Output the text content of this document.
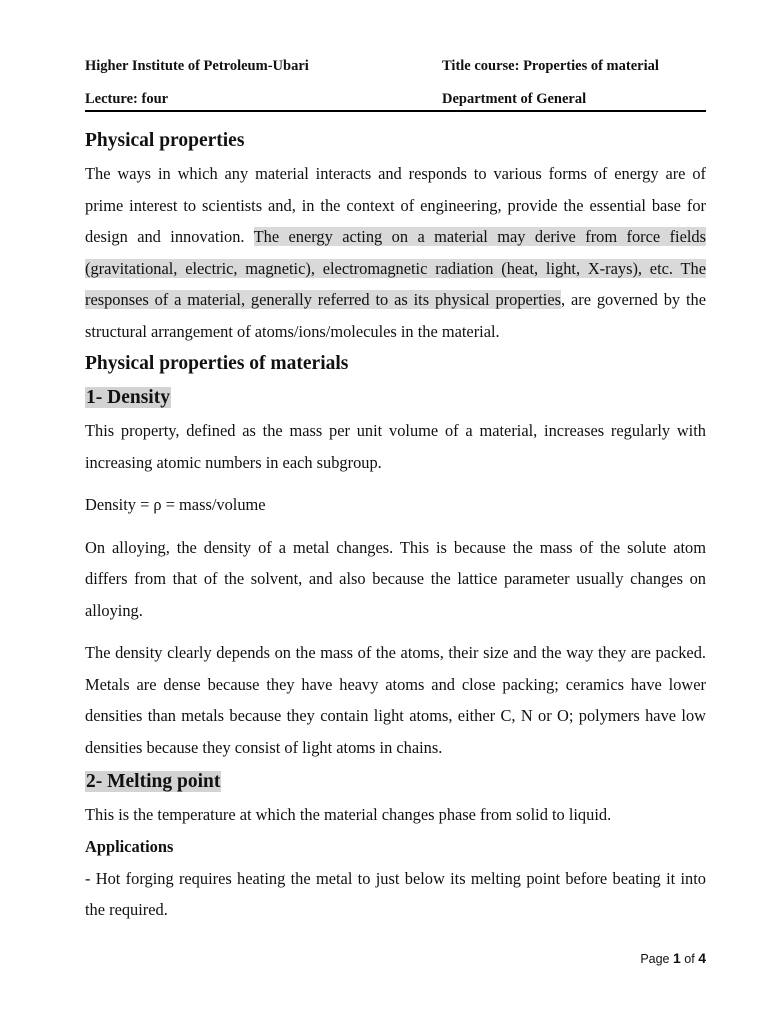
Higher Institute of Petroleum-Ubari	Title course: Properties of material
Lecture: four	Department of General
Physical properties

The ways in which any material interacts and responds to various forms of energy are of prime interest to scientists and, in the context of engineering, provide the essential base for design and innovation. The energy acting on a material may derive from force fields (gravitational, electric, magnetic), electromagnetic radiation (heat, light, X-rays), etc. The responses of a material, generally referred to as its physical properties, are governed by the structural arrangement of atoms/ions/molecules in the material.

Physical properties of materials
1- Density

This property, defined as the mass per unit volume of a material, increases regularly with increasing atomic numbers in each subgroup.

Density = ρ = mass/volume

On alloying, the density of a metal changes. This is because the mass of the solute atom differs from that of the solvent, and also because the lattice parameter usually changes on alloying.

The density clearly depends on the mass of the atoms, their size and the way they are packed. Metals are dense because they have heavy atoms and close packing; ceramics have lower densities than metals because they contain light atoms, either C, N or O; polymers have low densities because they consist of light atoms in chains.

2- Melting point

This is the temperature at which the material changes phase from solid to liquid.

Applications

- Hot forging requires heating the metal to just below its melting point before beating it into the required.

Page 1 of 4
